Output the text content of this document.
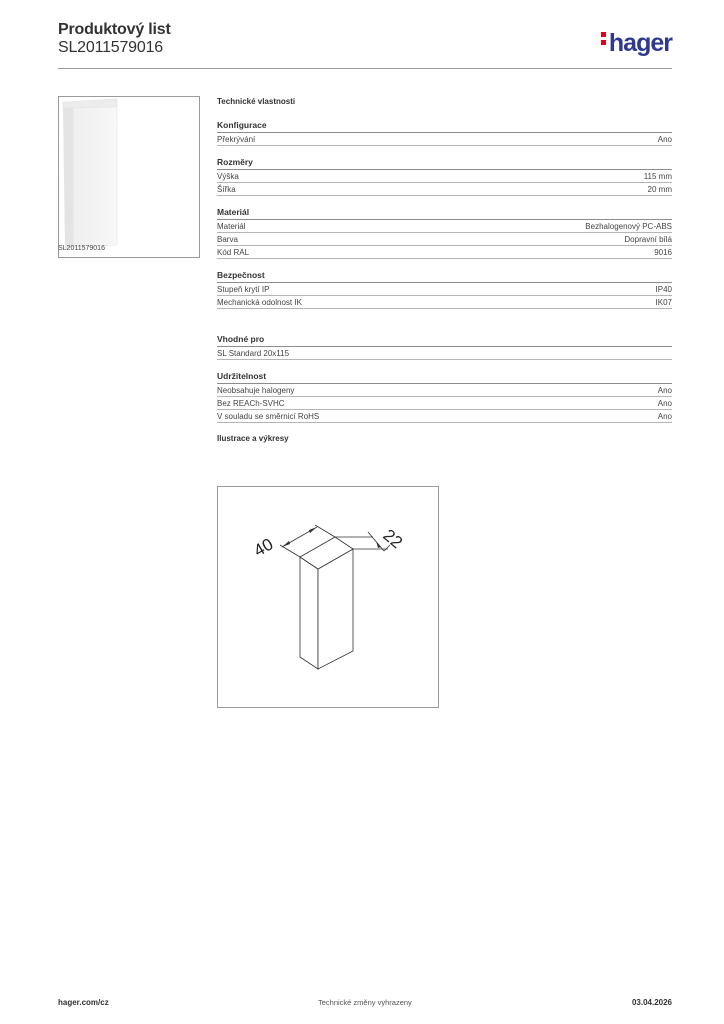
Produktový list
SL2011579016	hager
SL2011579016
Technické vlastnosti
Konfigurace
Překrývání	Ano
Rozměry
Výška	115 mm
Šířka	20 mm
Materiál
Materiál	Bezhalogenový PC-ABS
Barva	Dopravní bílá
Kód RAL	9016
Bezpečnost
Stupeň krytí IP	IP40
Mechanická odolnost IK	IK07
Vhodné pro
SL Standard 20x115
Udržitelnost
Neobsahuje halogeny	Ano
Bez REACh-SVHC	Ano
V souladu se směrnicí RoHS	Ano
Ilustrace a výkresy
40	22
hager.com/cz	Technické změny vyhrazeny	03.04.2026
